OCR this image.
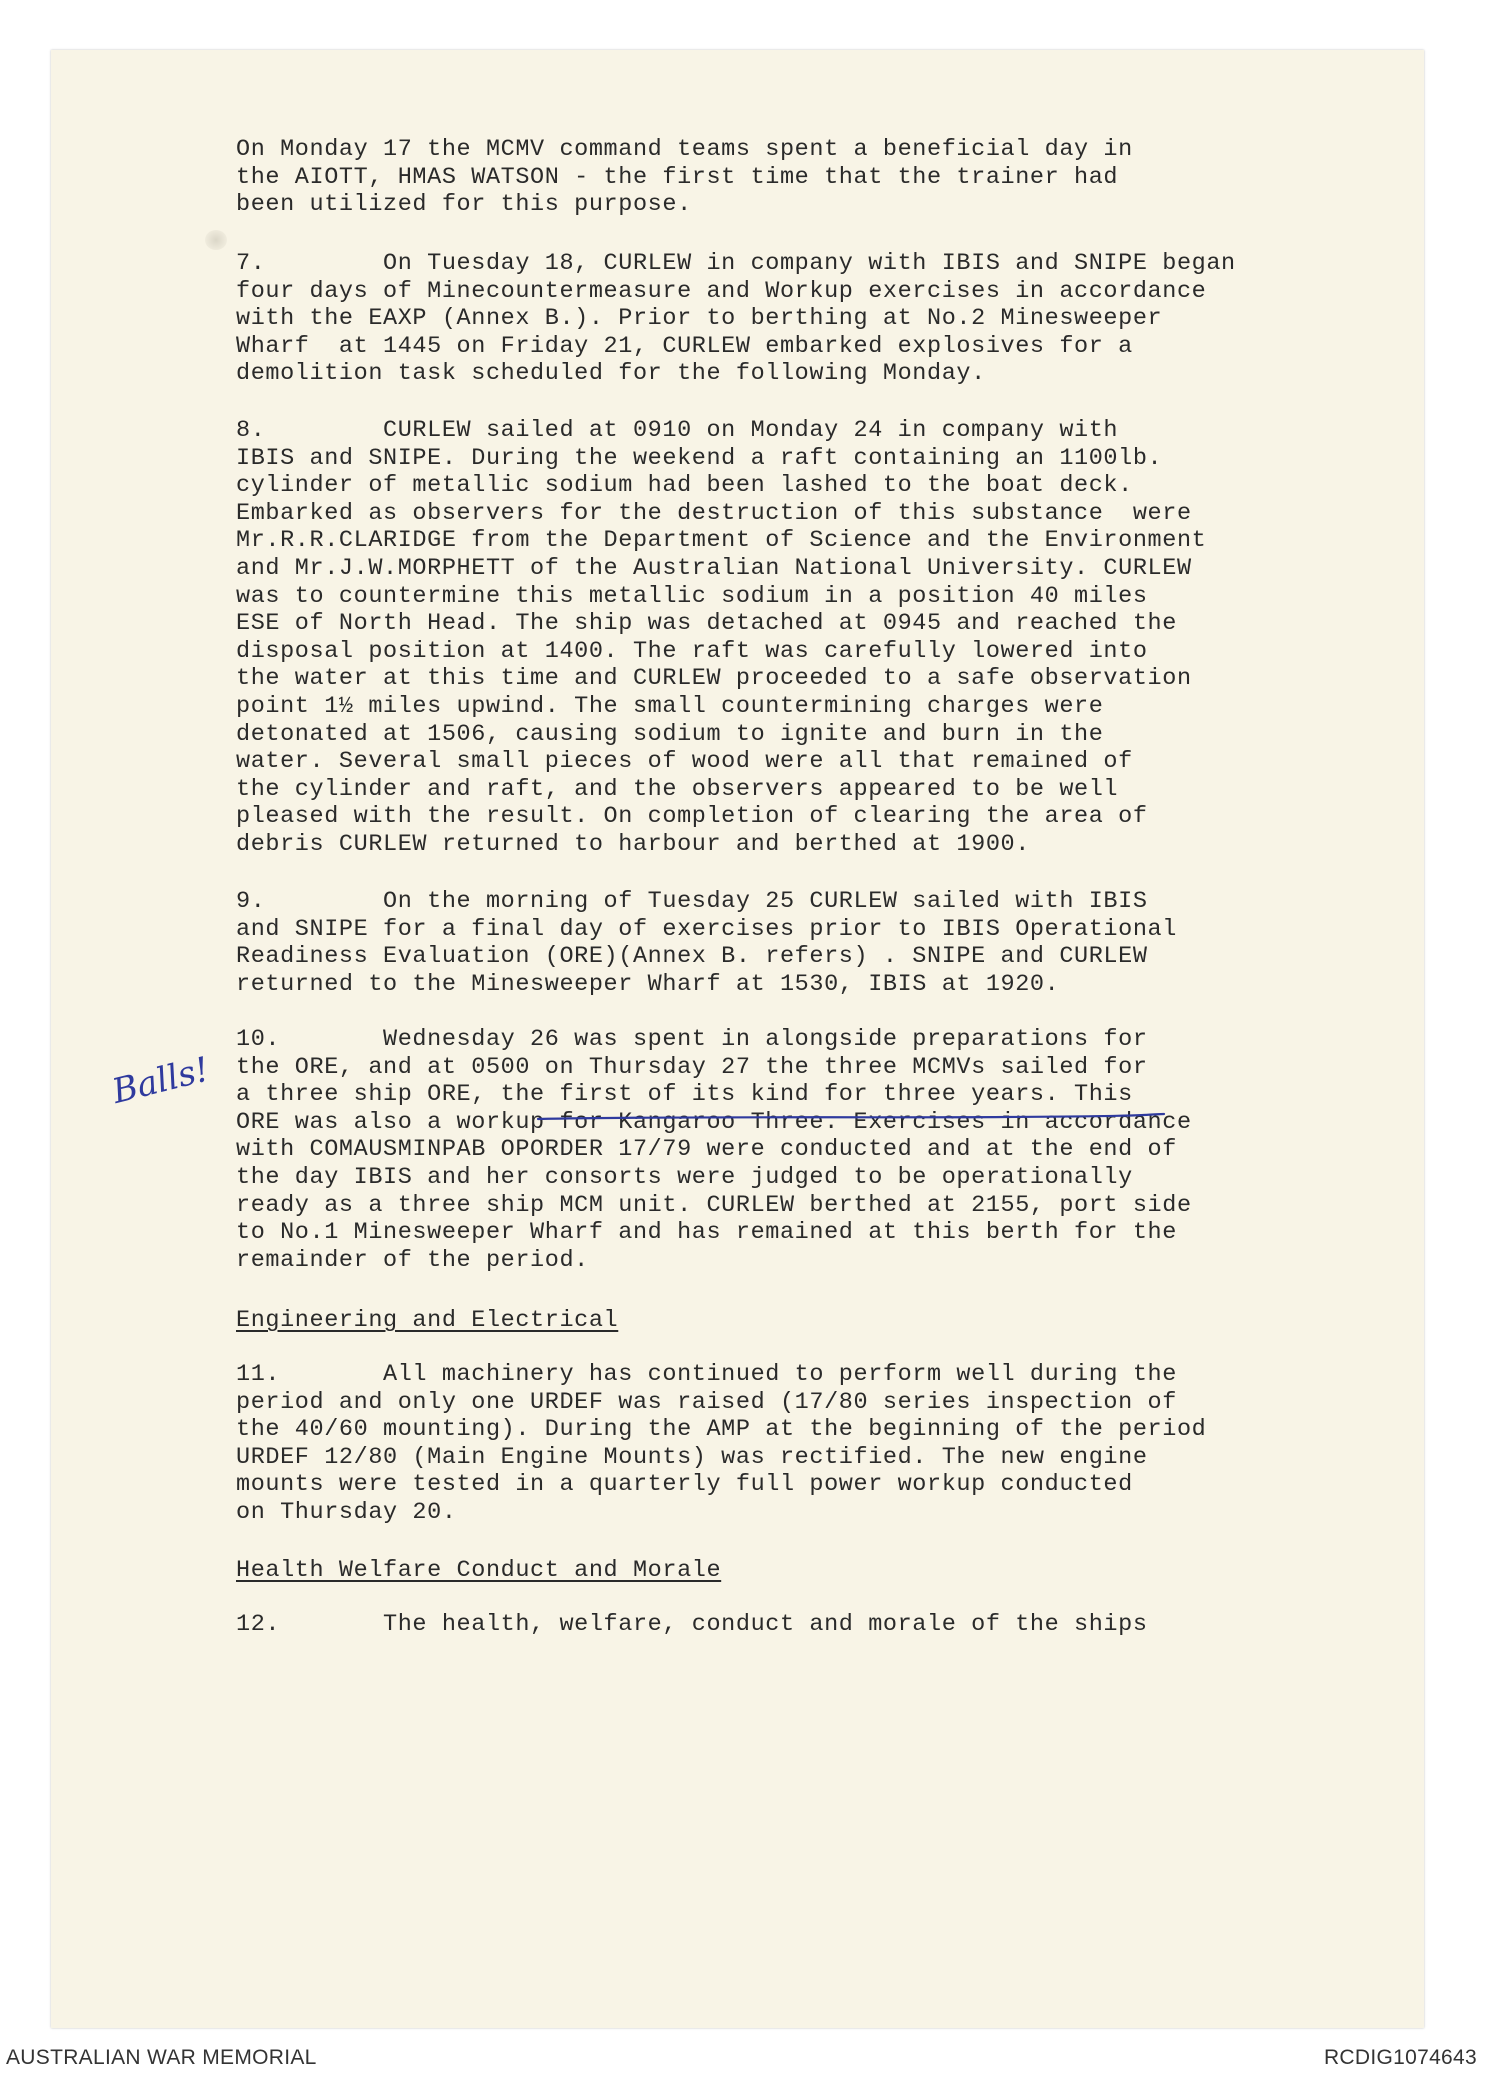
On Monday 17 the MCMV command teams spent a beneficial day in

the AIOTT, HMAS WATSON - the first time that the trainer had

been utilized for this purpose.

7.        On Tuesday 18, CURLEW in company with IBIS and SNIPE began

four days of Minecountermeasure and Workup exercises in accordance

with the EAXP (Annex B.). Prior to berthing at No.2 Minesweeper

Wharf  at 1445 on Friday 21, CURLEW embarked explosives for a

demolition task scheduled for the following Monday.

8.        CURLEW sailed at 0910 on Monday 24 in company with

IBIS and SNIPE. During the weekend a raft containing an 1100lb.

cylinder of metallic sodium had been lashed to the boat deck.

Embarked as observers for the destruction of this substance  were

Mr.R.R.CLARIDGE from the Department of Science and the Environment

and Mr.J.W.MORPHETT of the Australian National University. CURLEW

was to countermine this metallic sodium in a position 40 miles

ESE of North Head. The ship was detached at 0945 and reached the

disposal position at 1400. The raft was carefully lowered into

the water at this time and CURLEW proceeded to a safe observation

point 1½ miles upwind. The small countermining charges were

detonated at 1506, causing sodium to ignite and burn in the

water. Several small pieces of wood were all that remained of

the cylinder and raft, and the observers appeared to be well

pleased with the result. On completion of clearing the area of

debris CURLEW returned to harbour and berthed at 1900.

9.        On the morning of Tuesday 25 CURLEW sailed with IBIS

and SNIPE for a final day of exercises prior to IBIS Operational

Readiness Evaluation (ORE)(Annex B. refers) . SNIPE and CURLEW

returned to the Minesweeper Wharf at 1530, IBIS at 1920.

10.       Wednesday 26 was spent in alongside preparations for

the ORE, and at 0500 on Thursday 27 the three MCMVs sailed for

a three ship ORE, the first of its kind for three years. This

ORE was also a workup for Kangaroo Three. Exercises in accordance

with COMAUSMINPAB OPORDER 17/79 were conducted and at the end of

the day IBIS and her consorts were judged to be operationally

ready as a three ship MCM unit. CURLEW berthed at 2155, port side

to No.1 Minesweeper Wharf and has remained at this berth for the

remainder of the period.

Engineering and Electrical

11.       All machinery has continued to perform well during the

period and only one URDEF was raised (17/80 series inspection of

the 40/60 mounting). During the AMP at the beginning of the period

URDEF 12/80 (Main Engine Mounts) was rectified. The new engine

mounts were tested in a quarterly full power workup conducted

on Thursday 20.

Health Welfare Conduct and Morale

12.       The health, welfare, conduct and morale of the ships

Balls!
AUSTRALIAN WAR MEMORIAL	RCDIG1074643
